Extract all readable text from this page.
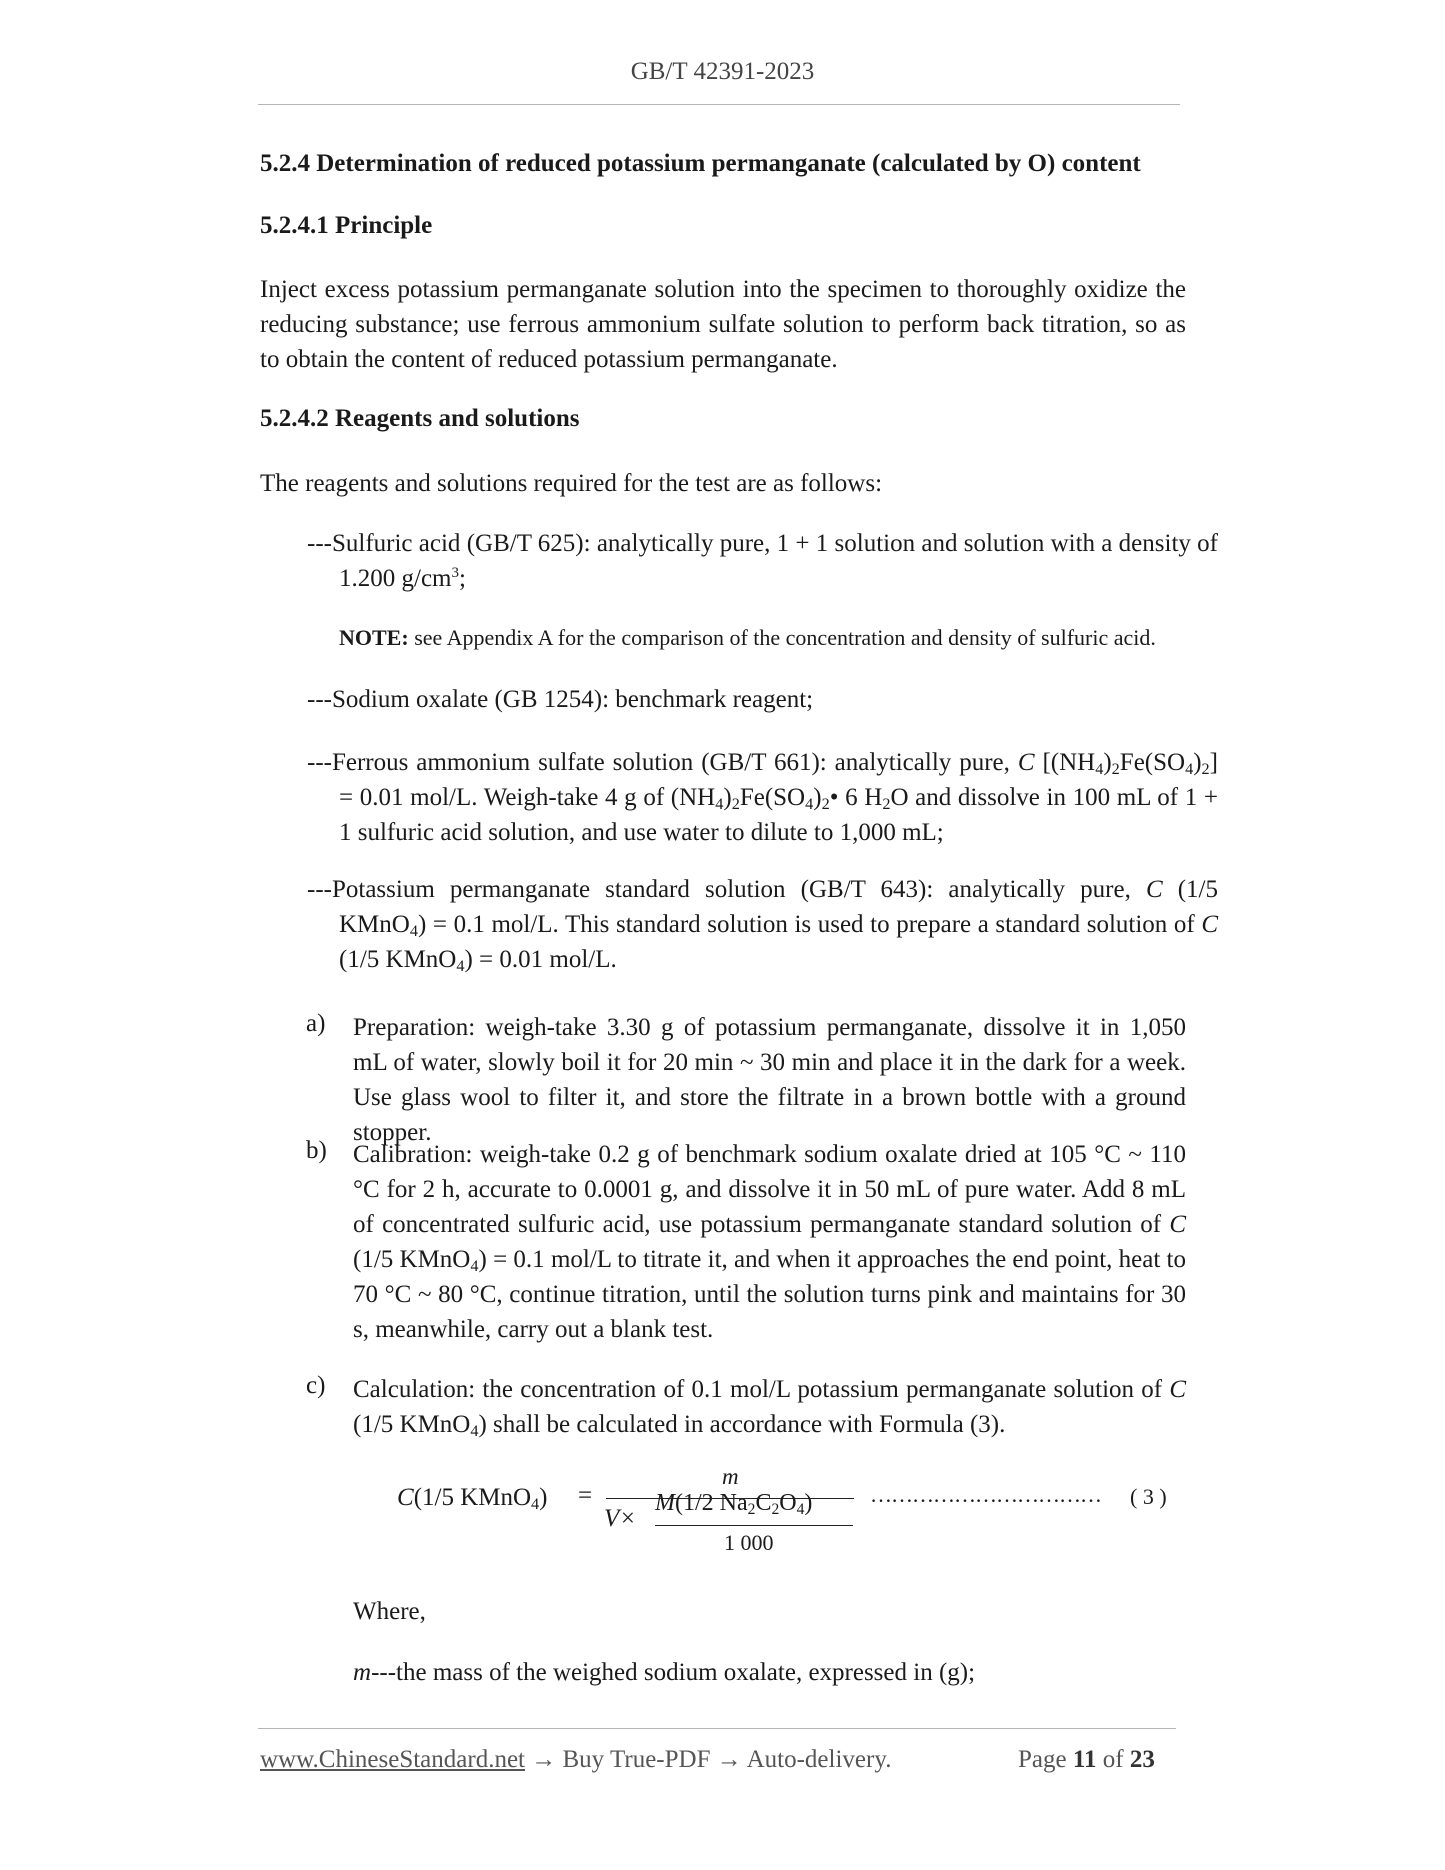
GB/T 42391-2023
5.2.4 Determination of reduced potassium permanganate (calculated by O) content
5.2.4.1 Principle
Inject excess potassium permanganate solution into the specimen to thoroughly oxidize the reducing substance; use ferrous ammonium sulfate solution to perform back titration, so as to obtain the content of reduced potassium permanganate.
5.2.4.2 Reagents and solutions
The reagents and solutions required for the test are as follows:
---Sulfuric acid (GB/T 625): analytically pure, 1 + 1 solution and solution with a density of 1.200 $g/cm^3$;
NOTE: see Appendix A for the comparison of the concentration and density of sulfuric acid.
---Sodium oxalate (GB 1254): benchmark reagent;
---Ferrous ammonium sulfate solution (GB/T 661): analytically pure, C $[(NH_4)_2Fe(SO_4)_2] = 0.01$ mol/L. Weigh-take 4 g of $(NH_4)_2Fe(SO_4)_2•$ 6 $H_2O$ and dissolve in 100 mL of 1 + 1 sulfuric acid solution, and use water to dilute to 1,000 mL;
---Potassium permanganate standard solution (GB/T 643): analytically pure, C (1/5 KMnO$_4$) = 0.1 mol/L. This standard solution is used to prepare a standard solution of C (1/5 KMnO$_4$) = 0.01 mol/L.
a) Preparation: weigh-take 3.30 g of potassium permanganate, dissolve it in 1,050 mL of water, slowly boil it for 20 min ~ 30 min and place it in the dark for a week. Use glass wool to filter it, and store the filtrate in a brown bottle with a ground stopper.
b) Calibration: weigh-take 0.2 g of benchmark sodium oxalate dried at 105 °C ~ 110 °C for 2 h, accurate to 0.0001 g, and dissolve it in 50 mL of pure water. Add 8 mL of concentrated sulfuric acid, use potassium permanganate standard solution of C (1/5 KMnO$_4$) = 0.1 mol/L to titrate it, and when it approaches the end point, heat to 70 °C ~ 80 °C, continue titration, until the solution turns pink and maintains for 30 s, meanwhile, carry out a blank test.
c) Calculation: the concentration of 0.1 mol/L potassium permanganate solution of C (1/5 KMnO$_4$) shall be calculated in accordance with Formula (3).
C(1/5 KMnO$_4$) =
m
V×
M(1/2 $Na_2C_2O_4$)
1 000
…………………………… ( 3 )
Where,
m---the mass of the weighed sodium oxalate, expressed in (g);
www.ChineseStandard.net → Buy True-PDF → Auto-delivery.	Page 11 of 23
